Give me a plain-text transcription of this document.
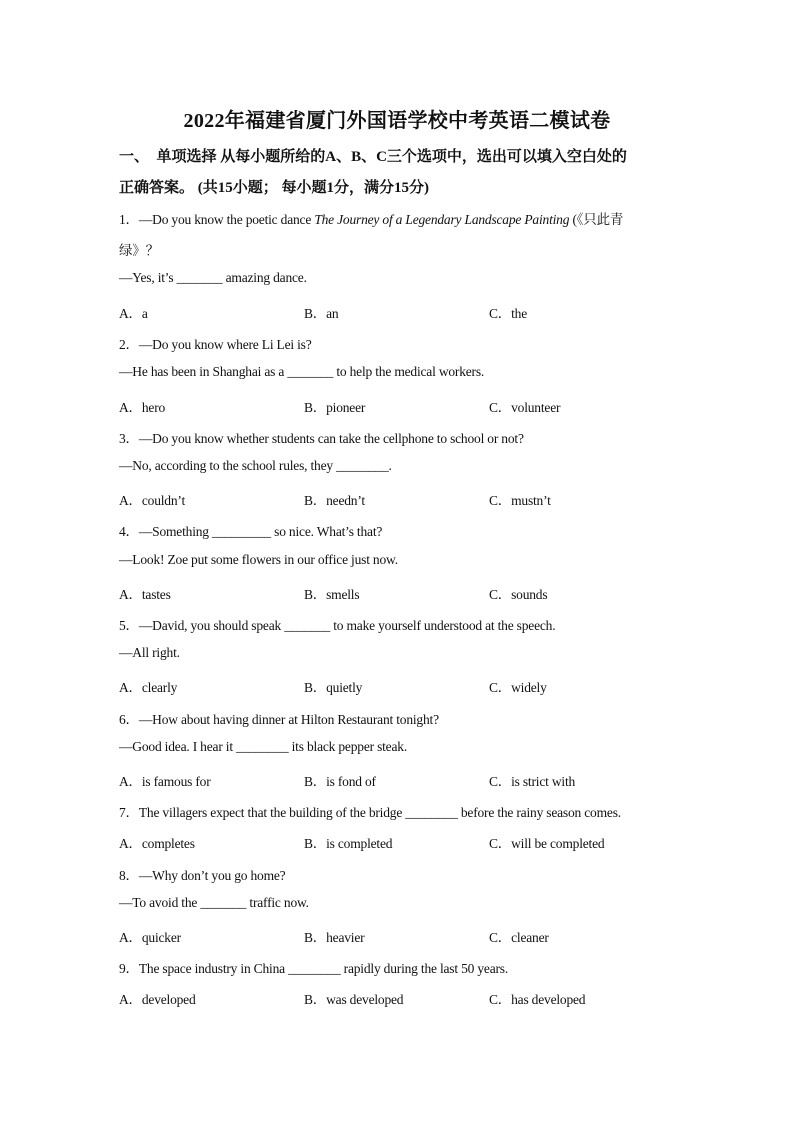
2022年福建省厦门外国语学校中考英语二模试卷
一、　单项选择 从每小题所给的A、B、C三个选项中，选出可以填入空白处的
正确答案。 (共15小题； 每小题1分，满分15分)
1．—Do you know the poetic dance The Journey of a Legendary Landscape Painting (《只此青
绿》？
—Yes, it’s _______ amazing dance.
A．a	B．an	C．the
2．—Do you know where Li Lei is?
—He has been in Shanghai as a _______ to help the medical workers.
A．hero	B．pioneer	C．volunteer
3．—Do you know whether students can take the cellphone to school or not?
—No, according to the school rules, they ________.
A．couldn’t	B．needn’t	C．mustn’t
4．—Something _________ so nice. What’s that?
—Look! Zoe put some flowers in our office just now.
A．tastes	B．smells	C．sounds
5．—David, you should speak _______ to make yourself understood at the speech.
—All right.
A．clearly	B．quietly	C．widely
6．—How about having dinner at Hilton Restaurant tonight?
—Good idea. I hear it ________ its black pepper steak.
A．is famous for	B．is fond of	C．is strict with
7．The villagers expect that the building of the bridge ________ before the rainy season comes.
A．completes	B．is completed	C．will be completed
8．—Why don’t you go home?
—To avoid the _______ traffic now.
A．quicker	B．heavier	C．cleaner
9．The space industry in China ________ rapidly during the last 50 years.
A．developed	B．was developed	C．has developed
